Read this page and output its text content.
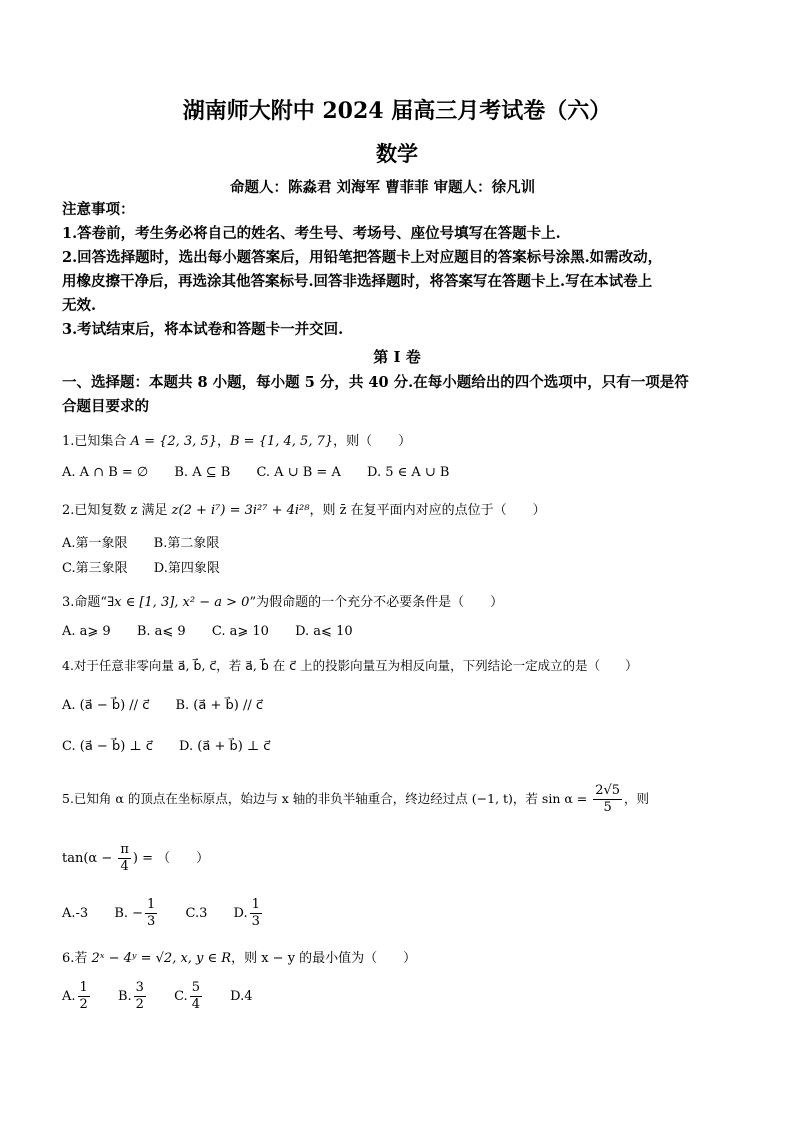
湖南师大附中 2024 届高三月考试卷（六）
数学
命题人：陈淼君 刘海军 曹菲菲 审题人：徐凡训
注意事项：
1.答卷前，考生务必将自己的姓名、考生号、考场号、座位号填写在答题卡上.
2.回答选择题时，选出每小题答案后，用铅笔把答题卡上对应题目的答案标号涂黑.如需改动，
用橡皮擦干净后，再选涂其他答案标号.回答非选择题时，将答案写在答题卡上.写在本试卷上
无效.
3.考试结束后，将本试卷和答题卡一并交回.
第 I 卷
一、选择题：本题共 8 小题，每小题 5 分，共 40 分.在每小题给出的四个选项中，只有一项是符
合题目要求的
1.已知集合 A = {2, 3, 5}，B = {1, 4, 5, 7}，则（　　）
A. A ∩ B = ∅ B. A ⊆ B C. A ∪ B = A D. 5 ∈ A ∪ B
2.已知复数 z 满足 z(2 + i⁷) = 3i²⁷ + 4i²⁸，则 z̄ 在复平面内对应的点位于（　　）
A.第一象限 B.第二象限
C.第三象限 D.第四象限
3.命题“∃x ∈ [1, 3], x² − a > 0”为假命题的一个充分不必要条件是（　　）
A. a⩾ 9 B. a⩽ 9 C. a⩾ 10 D. a⩽ 10
4.对于任意非零向量 a⃗, b⃗, c⃗，若 a⃗, b⃗ 在 c⃗ 上的投影向量互为相反向量，下列结论一定成立的是（　　）
A. (a⃗ − b⃗) // c⃗ B. (a⃗ + b⃗) // c⃗
C. (a⃗ − b⃗) ⊥ c⃗ D. (a⃗ + b⃗) ⊥ c⃗
5.已知角 α 的顶点在坐标原点，始边与 x 轴的非负半轴重合，终边经过点 (−1, t)，若 $\sin \alpha = \frac{2√5}{5}$ ，则
$\tan(\alpha - \frac{\pi}{4}$ ) = （　　）
A.-3 B. − $\frac{1}{3} C.3$ D. $\frac{1}{3}$
6.若 2ˣ − 4ʸ = √2, x, y ∈ R，则 x − y 的最小值为（　　）
A. $\frac{1}{2} B$. $\frac{3}{2} C$. $\frac{5}{4} D.4$
